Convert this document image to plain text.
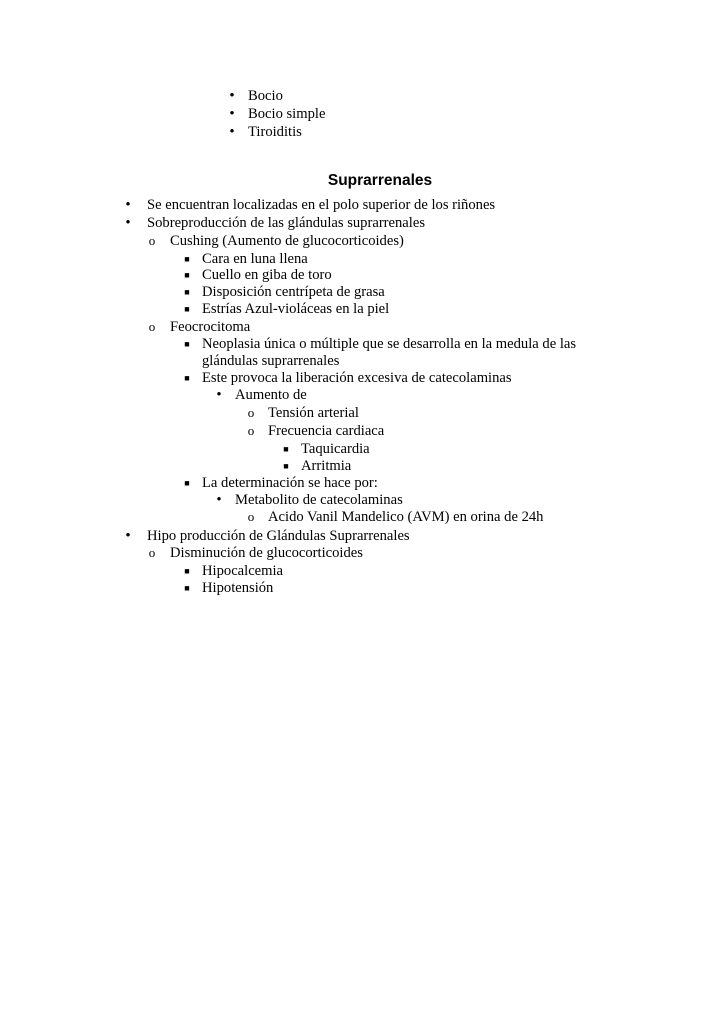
• Bocio
• Bocio simple
• Tiroiditis
Suprarrenales
• Se encuentran localizadas en el polo superior de los riñones
• Sobreproducción de las glándulas suprarrenales
o Cushing (Aumento de glucocorticoides)
■ Cara en luna llena
■ Cuello en giba de toro
■ Disposición centrípeta de grasa
■ Estrías Azul-violáceas en la piel
o Feocrocitoma
■ Neoplasia única o múltiple que se desarrolla en la medula de las
glándulas suprarrenales
■ Este provoca la liberación excesiva de catecolaminas
• Aumento de
o Tensión arterial
o Frecuencia cardiaca
■ Taquicardia
■ Arritmia
■ La determinación se hace por:
• Metabolito de catecolaminas
o Acido Vanil Mandelico (AVM) en orina de 24h
• Hipo producción de Glándulas Suprarrenales
o Disminución de glucocorticoides
■ Hipocalcemia
■ Hipotensión
